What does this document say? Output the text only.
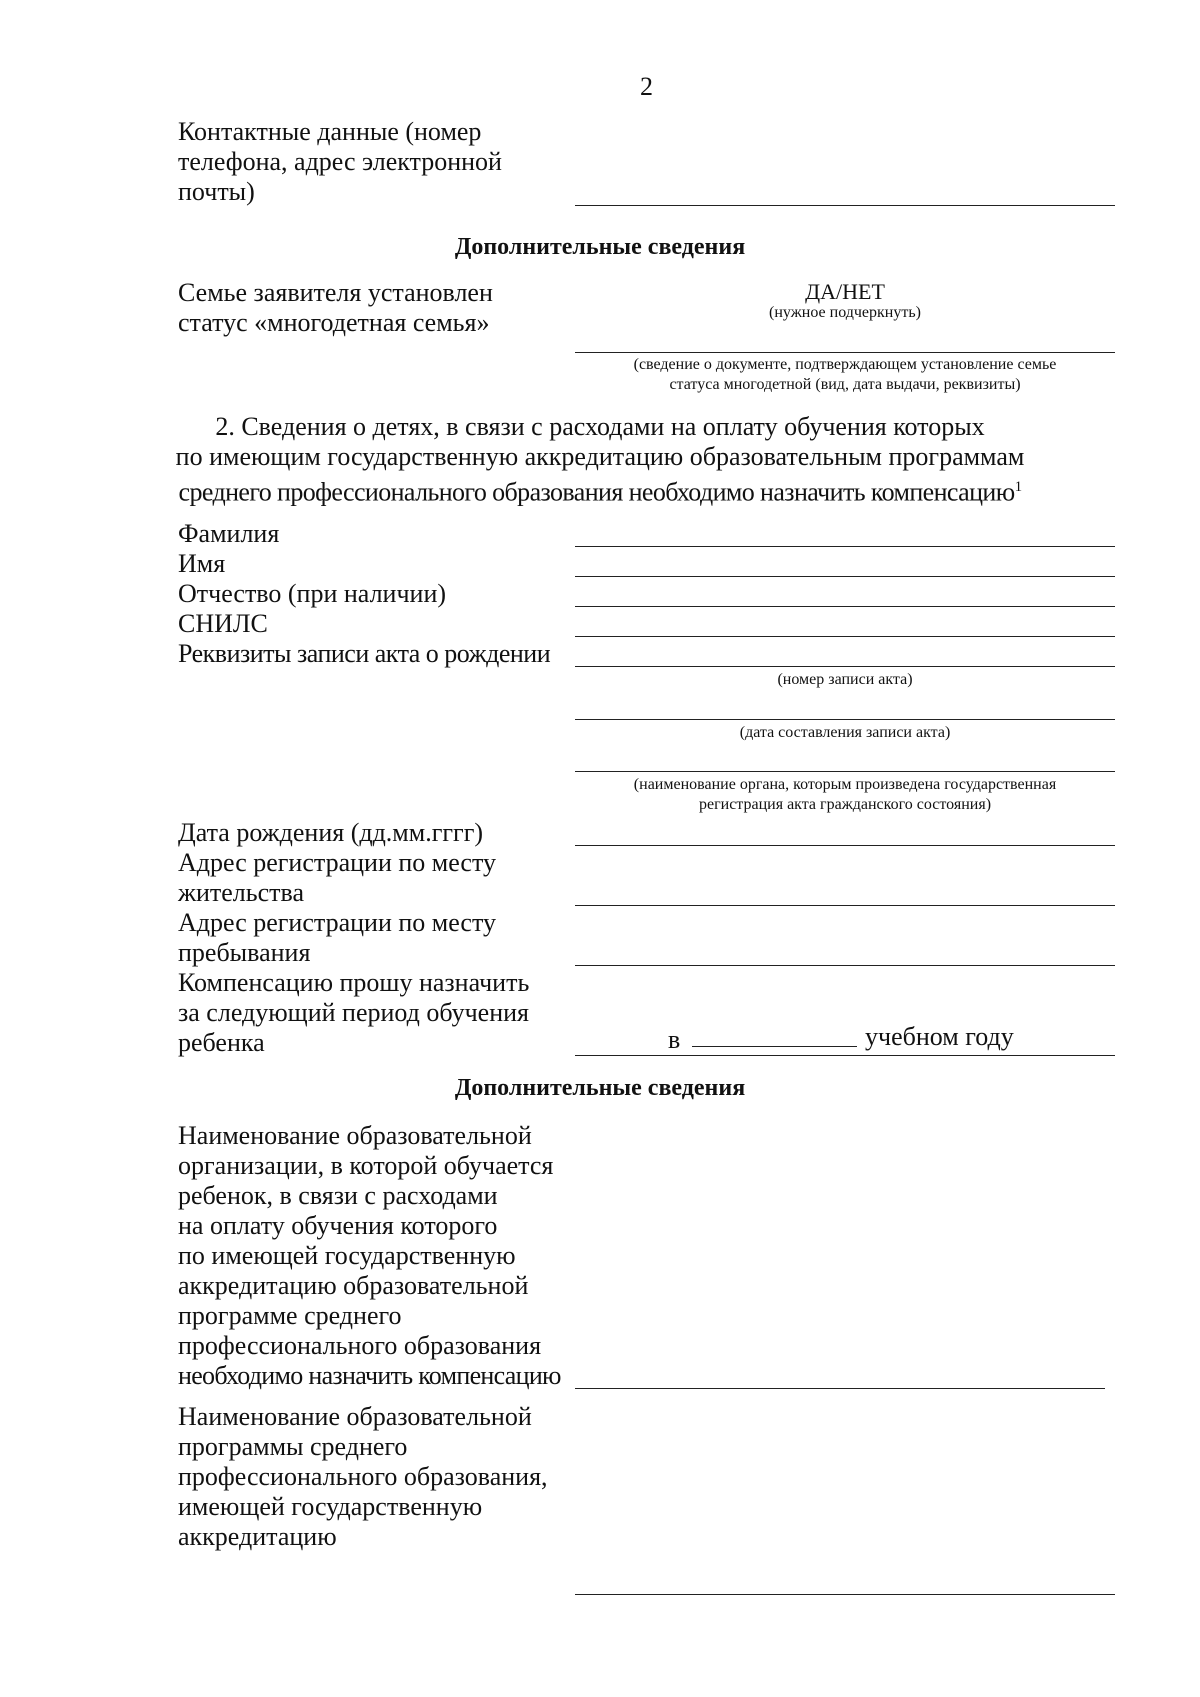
2
Контактные данные (номер
телефона, адрес электронной
почты)
Дополнительные сведения
Семье заявителя установлен
статус «многодетная семья»
ДА/НЕТ
(нужное подчеркнуть)
(сведение о документе, подтверждающем установление семье
статуса многодетной (вид, дата выдачи, реквизиты)
2. Сведения о детях, в связи с расходами на оплату обучения которых
по имеющим государственную аккредитацию образовательным программам
среднего профессионального образования необходимо назначить компенсацию$^1$
Фамилия
Имя
Отчество (при наличии)
СНИЛС
Реквизиты записи акта о рождении
(номер записи акта)
(дата составления записи акта)
(наименование органа, которым произведена государственная
регистрация акта гражданского состояния)
Дата рождения (дд.мм.гггг)
Адрес регистрации по месту
жительства
Адрес регистрации по месту
пребывания
Компенсацию прошу назначить
за следующий период обучения
ребенка	в	учебном году
Дополнительные сведения
Наименование образовательной
организации, в которой обучается
ребенок, в связи с расходами
на оплату обучения которого
по имеющей государственную
аккредитацию образовательной
программе среднего
профессионального образования
необходимо назначить компенсацию
Наименование образовательной
программы среднего
профессионального образования,
имеющей государственную
аккредитацию
